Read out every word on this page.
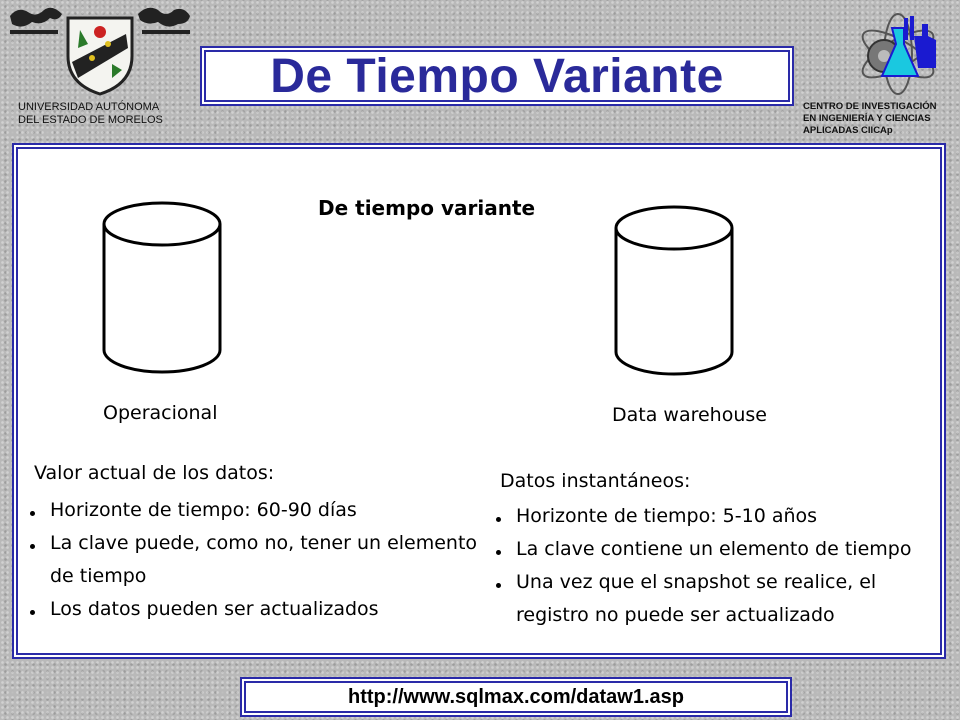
UNIVERSIDAD AUTÓNOMA
DEL ESTADO DE MORELOS
CENTRO DE INVESTIGACIÓN
EN INGENIERÍA Y CIENCIAS
APLICADAS CIICAp
De Tiempo Variante
De tiempo variante
Operacional	Data warehouse
Valor actual de los datos:
Horizonte de tiempo: 60-90 días
La clave puede, como no, tener un elemento de tiempo
Los datos pueden ser actualizados
Datos instantáneos:
Horizonte de tiempo: 5-10 años
La clave contiene un elemento de tiempo
Una vez que el snapshot se realice, el registro no puede ser actualizado
http://www.sqlmax.com/dataw1.asp
